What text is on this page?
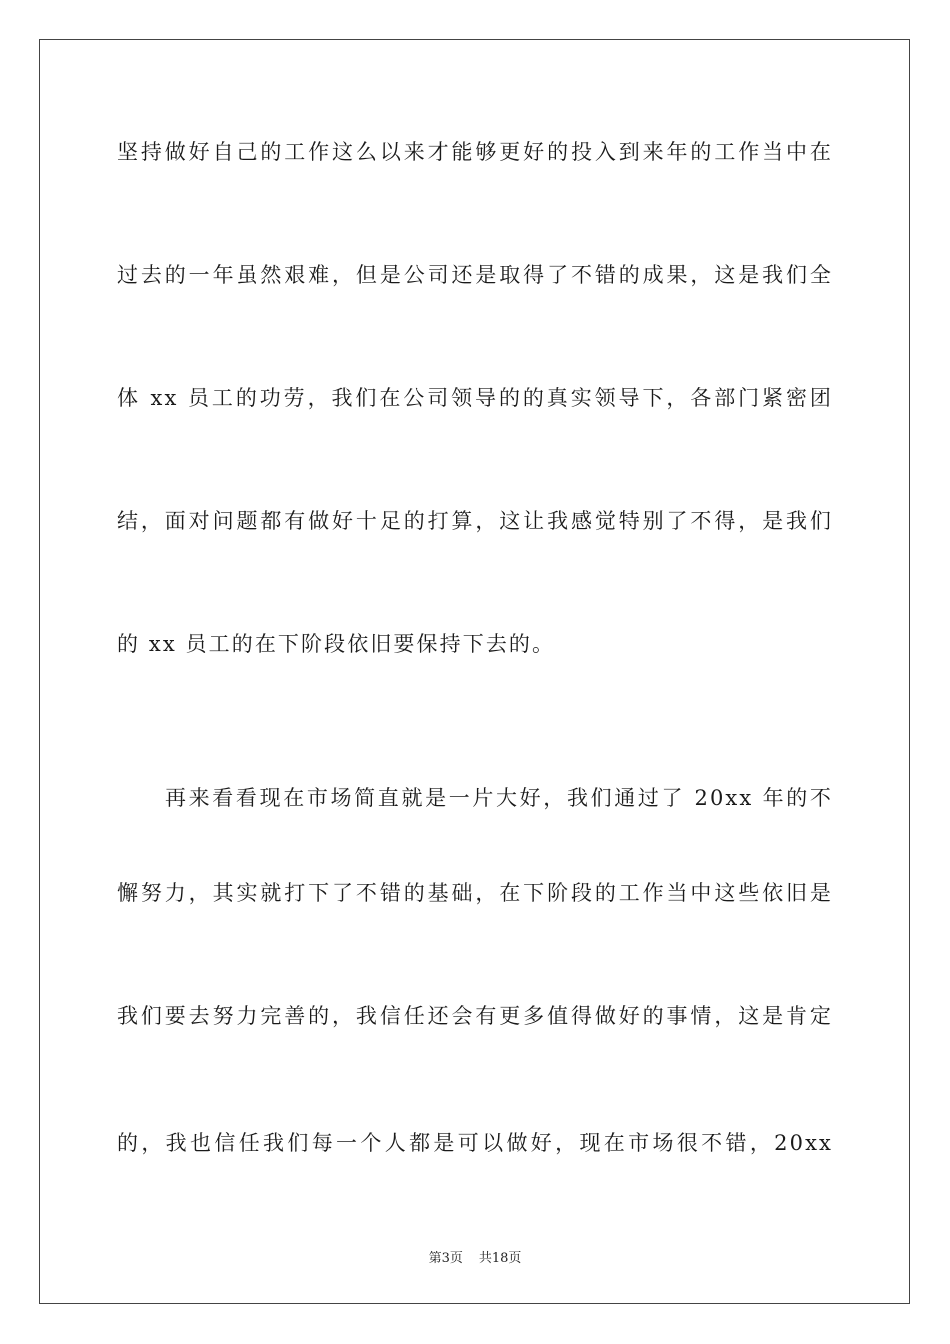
坚持做好自己的工作这么以来才能够更好的投入到来年的工作当中在
过去的一年虽然艰难，但是公司还是取得了不错的成果，这是我们全
体 xx 员工的功劳，我们在公司领导的的真实领导下，各部门紧密团
结，面对问题都有做好十足的打算，这让我感觉特别了不得，是我们
的 xx 员工的在下阶段依旧要保持下去的。
再来看看现在市场简直就是一片大好，我们通过了 20xx 年的不
懈努力，其实就打下了不错的基础，在下阶段的工作当中这些依旧是
我们要去努力完善的，我信任还会有更多值得做好的事情，这是肯定
的，我也信任我们每一个人都是可以做好，现在市场很不错，20xx
第3页 共18页
